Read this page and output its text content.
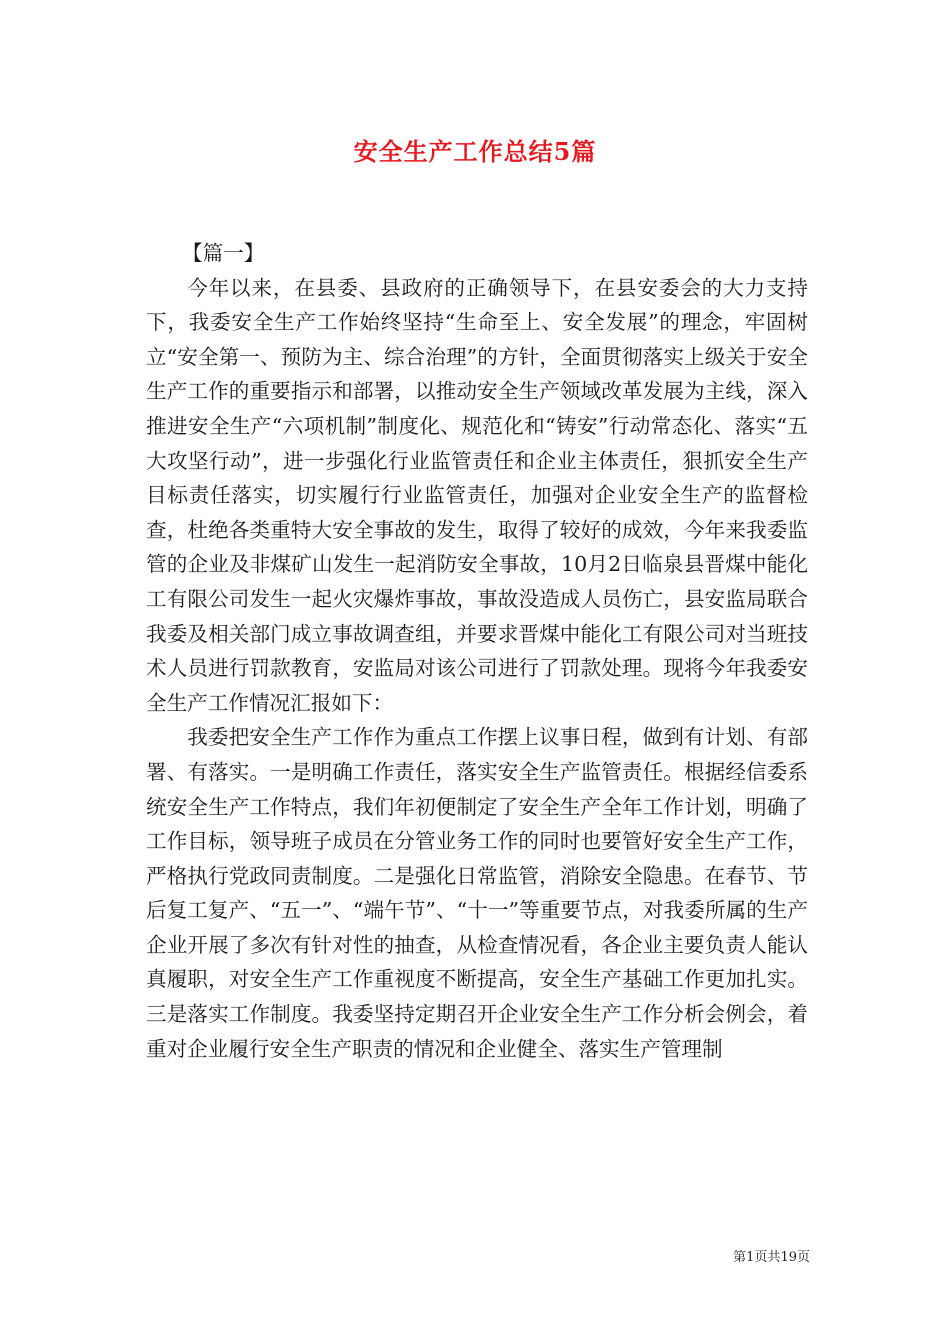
安全生产工作总结5篇

【篇一】

今年以来，在县委、县政府的正确领导下，在县安委会的大力支持下，我委安全生产工作始终坚持“生命至上、安全发展”的理念，牢固树立“安全第一、预防为主、综合治理”的方针，全面贯彻落实上级关于安全生产工作的重要指示和部署，以推动安全生产领域改革发展为主线，深入推进安全生产“六项机制”制度化、规范化和“铸安”行动常态化、落实“五大攻坚行动”，进一步强化行业监管责任和企业主体责任，狠抓安全生产目标责任落实，切实履行行业监管责任，加强对企业安全生产的监督检查，杜绝各类重特大安全事故的发生，取得了较好的成效，今年来我委监管的企业及非煤矿山发生一起消防安全事故，10月2日临泉县晋煤中能化工有限公司发生一起火灾爆炸事故，事故没造成人员伤亡，县安监局联合我委及相关部门成立事故调查组，并要求晋煤中能化工有限公司对当班技术人员进行罚款教育，安监局对该公司进行了罚款处理。现将今年我委安全生产工作情况汇报如下：

我委把安全生产工作作为重点工作摆上议事日程，做到有计划、有部署、有落实。一是明确工作责任，落实安全生产监管责任。根据经信委系统安全生产工作特点，我们年初便制定了安全生产全年工作计划，明确了工作目标，领导班子成员在分管业务工作的同时也要管好安全生产工作，严格执行党政同责制度。二是强化日常监管，消除安全隐患。在春节、节后复工复产、“五一”、“端午节”、“十一”等重要节点，对我委所属的生产企业开展了多次有针对性的抽查，从检查情况看，各企业主要负责人能认真履职，对安全生产工作重视度不断提高，安全生产基础工作更加扎实。三是落实工作制度。我委坚持定期召开企业安全生产工作分析会例会，着重对企业履行安全生产职责的情况和企业健全、落实生产管理制

第1页共19页
